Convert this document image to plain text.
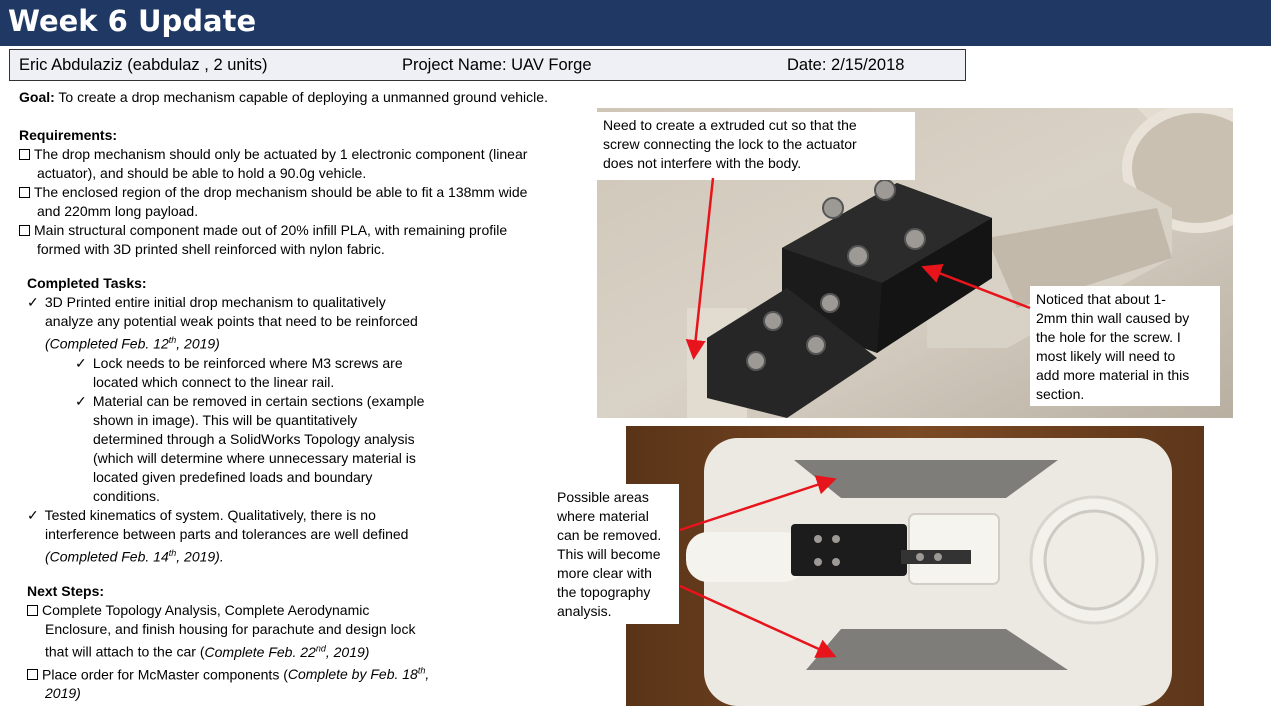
Week 6 Update
Eric Abdulaziz (eabdulaz , 2 units)	Project Name: UAV Forge	Date: 2/15/2018
Goal: To create a drop mechanism capable of deploying a unmanned ground vehicle.
Requirements:
The drop mechanism should only be actuated by 1 electronic component (linear
actuator), and should be able to hold a 90.0g vehicle.
The enclosed region of the drop mechanism should be able to fit a 138mm wide
and 220mm long payload.
Main structural component made out of 20% infill PLA, with remaining profile
formed with 3D printed shell reinforced with nylon fabric.
Completed Tasks:
✓ 3D Printed entire initial drop mechanism to qualitatively
analyze any potential weak points that need to be reinforced
(Completed Feb. 12th, 2019)
✓ Lock needs to be reinforced where M3 screws are
located which connect to the linear rail.
✓ Material can be removed in certain sections (example
shown in image). This will be quantitatively
determined through a SolidWorks Topology analysis
(which will determine where unnecessary material is
located given predefined loads and boundary
conditions.
✓ Tested kinematics of system. Qualitatively, there is no
interference between parts and tolerances are well defined
(Completed Feb. 14th, 2019).
Next Steps:
Complete Topology Analysis, Complete Aerodynamic
Enclosure, and finish housing for parachute and design lock
that will attach to the car (Complete Feb. 22nd, 2019)
Place order for McMaster components (Complete by Feb. 18th,
2019)
Need to create a extruded cut so that the
screw connecting the lock to the actuator
does not interfere with the body.
Noticed that about 1-
2mm thin wall caused by
the hole for the screw. I
most likely will need to
add more material in this
section.
Possible areas
where material
can be removed.
This will become
more clear with
the topography
analysis.
